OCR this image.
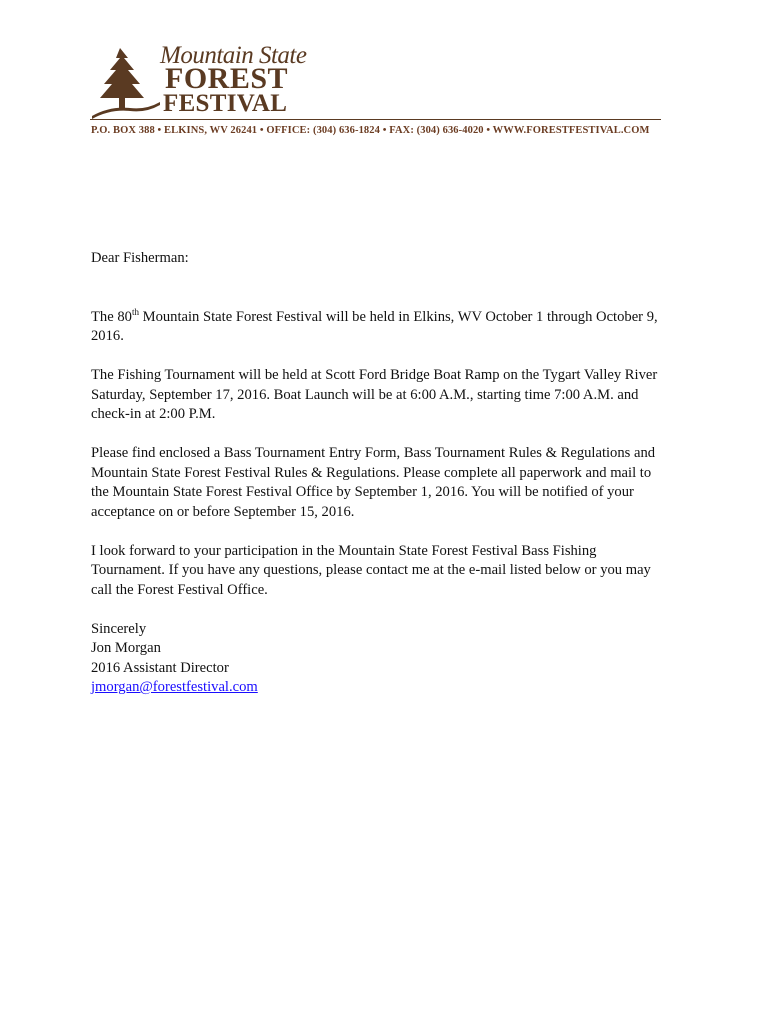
Mountain State
FOREST
FESTIVAL
P.O. BOX 388 • ELKINS, WV 26241 • OFFICE: (304) 636-1824 • FAX: (304) 636-4020 • WWW.FORESTFESTIVAL.COM

Dear Fisherman:

The 80th Mountain State Forest Festival will be held in Elkins, WV October 1 through October 9,
2016.

The Fishing Tournament will be held at Scott Ford Bridge Boat Ramp on the Tygart Valley River
Saturday, September 17, 2016. Boat Launch will be at 6:00 A.M., starting time 7:00 A.M. and
check-in at 2:00 P.M.

Please find enclosed a Bass Tournament Entry Form, Bass Tournament Rules & Regulations and
Mountain State Forest Festival Rules & Regulations. Please complete all paperwork and mail to
the Mountain State Forest Festival Office by September 1, 2016. You will be notified of your
acceptance on or before September 15, 2016.

I look forward to your participation in the Mountain State Forest Festival Bass Fishing
Tournament. If you have any questions, please contact me at the e-mail listed below or you may
call the Forest Festival Office.

Sincerely

Jon Morgan

2016 Assistant Director

jmorgan@forestfestival.com
